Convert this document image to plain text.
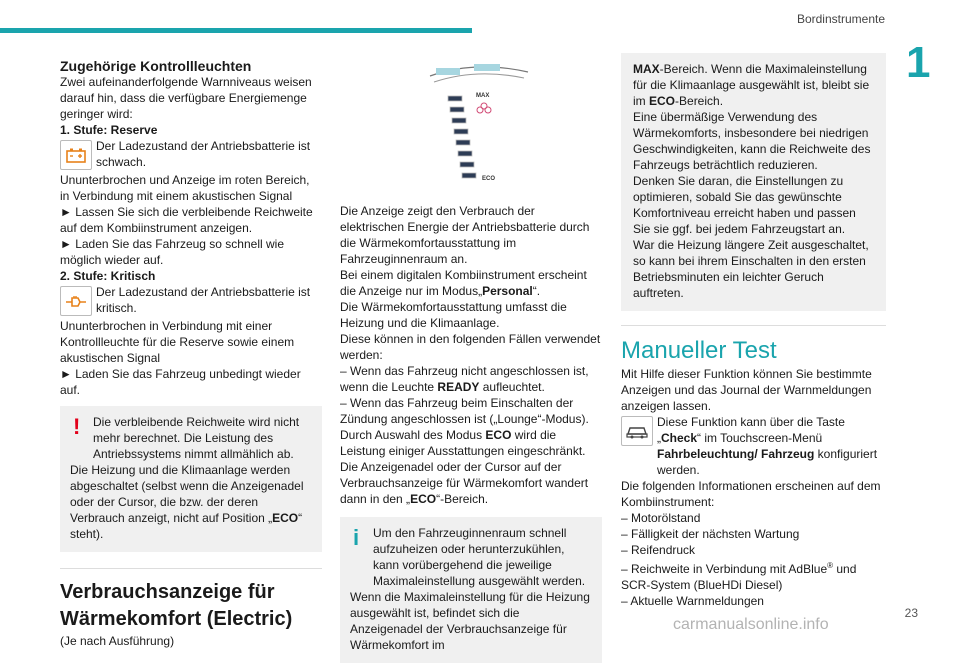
Bordinstrumente
1

Zugehörige Kontrollleuchten

Zwei aufeinanderfolgende Warnniveaus weisen darauf hin, dass die verfügbare Energiemenge geringer wird:

1. Stufe: Reserve

Der Ladezustand der Antriebsbatterie ist schwach.

Ununterbrochen und Anzeige im roten Bereich, in Verbindung mit einem akustischen Signal

► Lassen Sie sich die verbleibende Reichweite auf dem Kombiinstrument anzeigen.

► Laden Sie das Fahrzeug so schnell wie möglich wieder auf.

2. Stufe: Kritisch

Der Ladezustand der Antriebsbatterie ist kritisch.

Ununterbrochen in Verbindung mit einer Kontrollleuchte für die Reserve sowie einem akustischen Signal

► Laden Sie das Fahrzeug unbedingt wieder auf.

!	Die verbleibende Reichweite wird nicht mehr berechnet. Die Leistung des Antriebssystems nimmt allmählich ab.

Die Heizung und die Klimaanlage werden abgeschaltet (selbst wenn die Anzeigenadel oder der Cursor, die bzw. der deren Verbrauch anzeigt, nicht auf Position „ECO“ steht).

Verbrauchsanzeige für Wärmekomfort (Electric)

(Je nach Ausführung)

MAX
ECO

Die Anzeige zeigt den Verbrauch der elektrischen Energie der Antriebsbatterie durch die Wärmekomfortausstattung im Fahrzeuginnenraum an.

Bei einem digitalen Kombiinstrument erscheint die Anzeige nur im Modus„Personal“.

Die Wärmekomfortausstattung umfasst die Heizung und die Klimaanlage.

Diese können in den folgenden Fällen verwendet werden:

– Wenn das Fahrzeug nicht angeschlossen ist, wenn die Leuchte READY aufleuchtet.

– Wenn das Fahrzeug beim Einschalten der Zündung angeschlossen ist („Lounge“-Modus).

Durch Auswahl des Modus ECO wird die Leistung einiger Ausstattungen eingeschränkt. Die Anzeigenadel oder der Cursor auf der Verbrauchsanzeige für Wärmekomfort wandert dann in den „ECO“-Bereich.

i	Um den Fahrzeuginnenraum schnell aufzuheizen oder herunterzukühlen, kann vorübergehend die jeweilige Maximaleinstellung ausgewählt werden.

Wenn die Maximaleinstellung für die Heizung ausgewählt ist, befindet sich die Anzeigenadel der Verbrauchsanzeige für Wärmekomfort im

MAX-Bereich. Wenn die Maximaleinstellung für die Klimaanlage ausgewählt ist, bleibt sie im ECO-Bereich.

Eine übermäßige Verwendung des Wärmekomforts, insbesondere bei niedrigen Geschwindigkeiten, kann die Reichweite des Fahrzeugs beträchtlich reduzieren.

Denken Sie daran, die Einstellungen zu optimieren, sobald Sie das gewünschte Komfortniveau erreicht haben und passen Sie sie ggf. bei jedem Fahrzeugstart an.

War die Heizung längere Zeit ausgeschaltet, so kann bei ihrem Einschalten in den ersten Betriebsminuten ein leichter Geruch auftreten.

Manueller Test

Mit Hilfe dieser Funktion können Sie bestimmte Anzeigen und das Journal der Warnmeldungen anzeigen lassen.

Diese Funktion kann über die Taste „Check“ im Touchscreen-Menü Fahrbeleuchtung/ Fahrzeug konfiguriert werden.

Die folgenden Informationen erscheinen auf dem Kombiinstrument:

– Motorölstand

– Fälligkeit der nächsten Wartung

– Reifendruck

– Reichweite in Verbindung mit AdBlue® und SCR-System (BlueHDi Diesel)

– Aktuelle Warnmeldungen

carmanualsonline.info
23
